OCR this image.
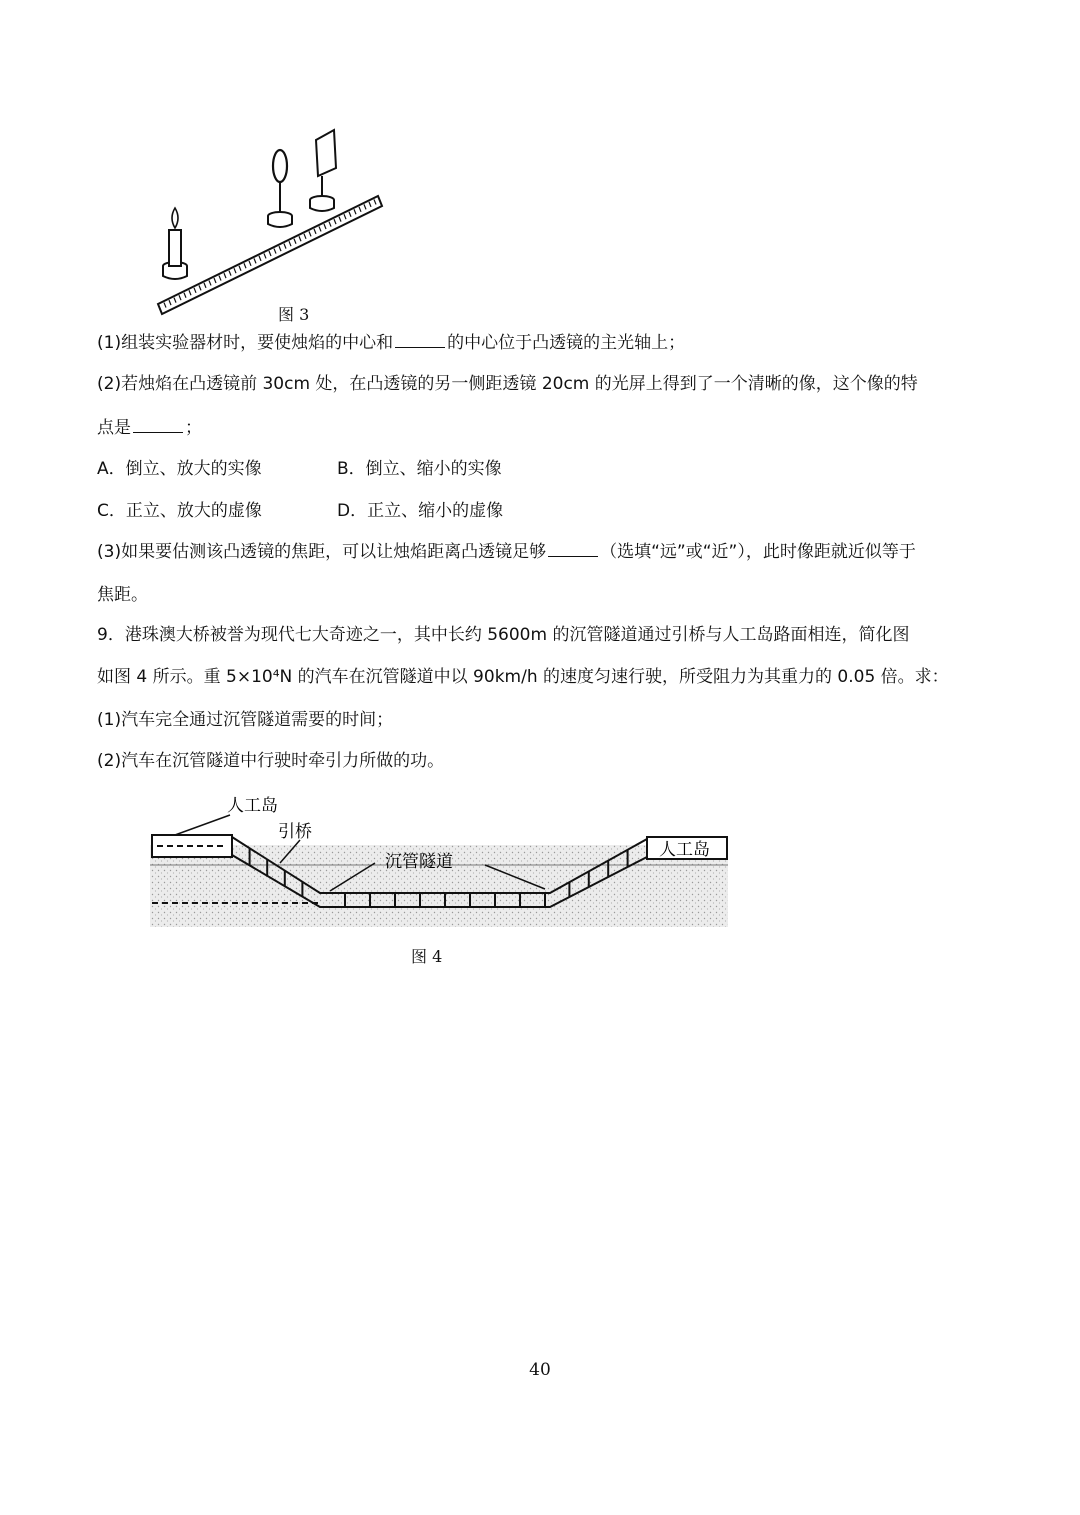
图 3
(1)组装实验器材时，要使烛焰的中心和	的中心位于凸透镜的主光轴上；
(2)若烛焰在凸透镜前 30cm 处，在凸透镜的另一侧距透镜 20cm 的光屏上得到了一个清晰的像，这个像的特
点是	；
A．倒立、放大的实像	B．倒立、缩小的实像
C．正立、放大的虚像	D．正立、缩小的虚像
(3)如果要估测该凸透镜的焦距，可以让烛焰距离凸透镜足够	（选填“远”或“近”），此时像距就近似等于
焦距。
9．港珠澳大桥被誉为现代七大奇迹之一，其中长约 5600m 的沉管隧道通过引桥与人工岛路面相连，简化图
如图 4 所示。重 5×10⁴N 的汽车在沉管隧道中以 90km/h 的速度匀速行驶，所受阻力为其重力的 0.05 倍。求：
(1)汽车完全通过沉管隧道需要的时间；
(2)汽车在沉管隧道中行驶时牵引力所做的功。
人工岛
引桥
沉管隧道
人工岛
图 4
40
